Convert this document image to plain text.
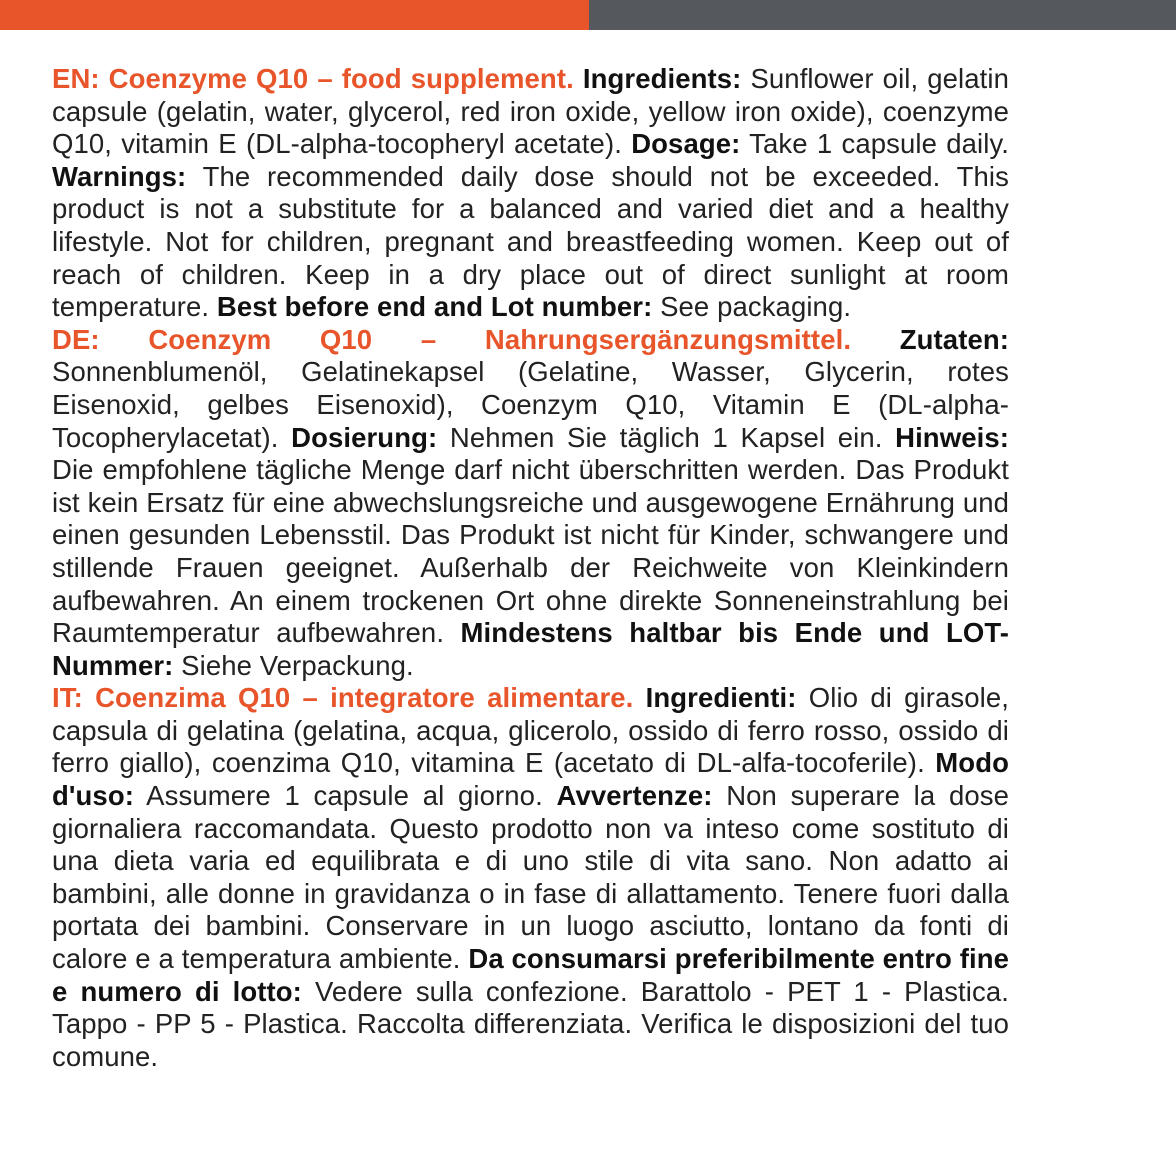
EN: Coenzyme Q10 – food supplement. Ingredients: Sunflower oil, gelatin capsule (gelatin, water, glycerol, red iron oxide, yellow iron oxide), coenzyme Q10, vitamin E (DL-alpha-tocopheryl acetate). Dosage: Take 1 capsule daily. Warnings: The recommended daily dose should not be exceeded. This product is not a substitute for a balanced and varied diet and a healthy lifestyle. Not for children, pregnant and breastfeeding women. Keep out of reach of children. Keep in a dry place out of direct sunlight at room temperature. Best before end and Lot number: See packaging.

DE: Coenzym Q10 – Nahrungsergänzungsmittel. Zutaten: Sonnenblumenöl, Gelatinekapsel (Gelatine, Wasser, Glycerin, rotes Eisenoxid, gelbes Eisenoxid), Coenzym Q10, Vitamin E (DL-alpha-Tocopherylacetat). Dosierung: Nehmen Sie täglich 1 Kapsel ein. Hinweis: Die empfohlene tägliche Menge darf nicht überschritten werden. Das Produkt ist kein Ersatz für eine abwechslungsreiche und ausgewogene Ernährung und einen gesunden Lebensstil. Das Produkt ist nicht für Kinder, schwangere und stillende Frauen geeignet. Außerhalb der Reichweite von Kleinkindern aufbewahren. An einem trockenen Ort ohne direkte Sonneneinstrahlung bei Raumtemperatur aufbewahren. Mindestens haltbar bis Ende und LOT-Nummer: Siehe Verpackung.

IT: Coenzima Q10 – integratore alimentare. Ingredienti: Olio di girasole, capsula di gelatina (gelatina, acqua, glicerolo, ossido di ferro rosso, ossido di ferro giallo), coenzima Q10, vitamina E (acetato di DL-alfa-tocoferile). Modo d'uso: Assumere 1 capsule al giorno. Avvertenze: Non superare la dose giornaliera raccomandata. Questo prodotto non va inteso come sostituto di una dieta varia ed equilibrata e di uno stile di vita sano. Non adatto ai bambini, alle donne in gravidanza o in fase di allattamento. Tenere fuori dalla portata dei bambini. Conservare in un luogo asciutto, lontano da fonti di calore e a temperatura ambiente. Da consumarsi preferibilmente entro fine e numero di lotto: Vedere sulla confezione. Barattolo - PET 1 - Plastica. Tappo - PP 5 - Plastica. Raccolta differenziata. Verifica le disposizioni del tuo comune.
